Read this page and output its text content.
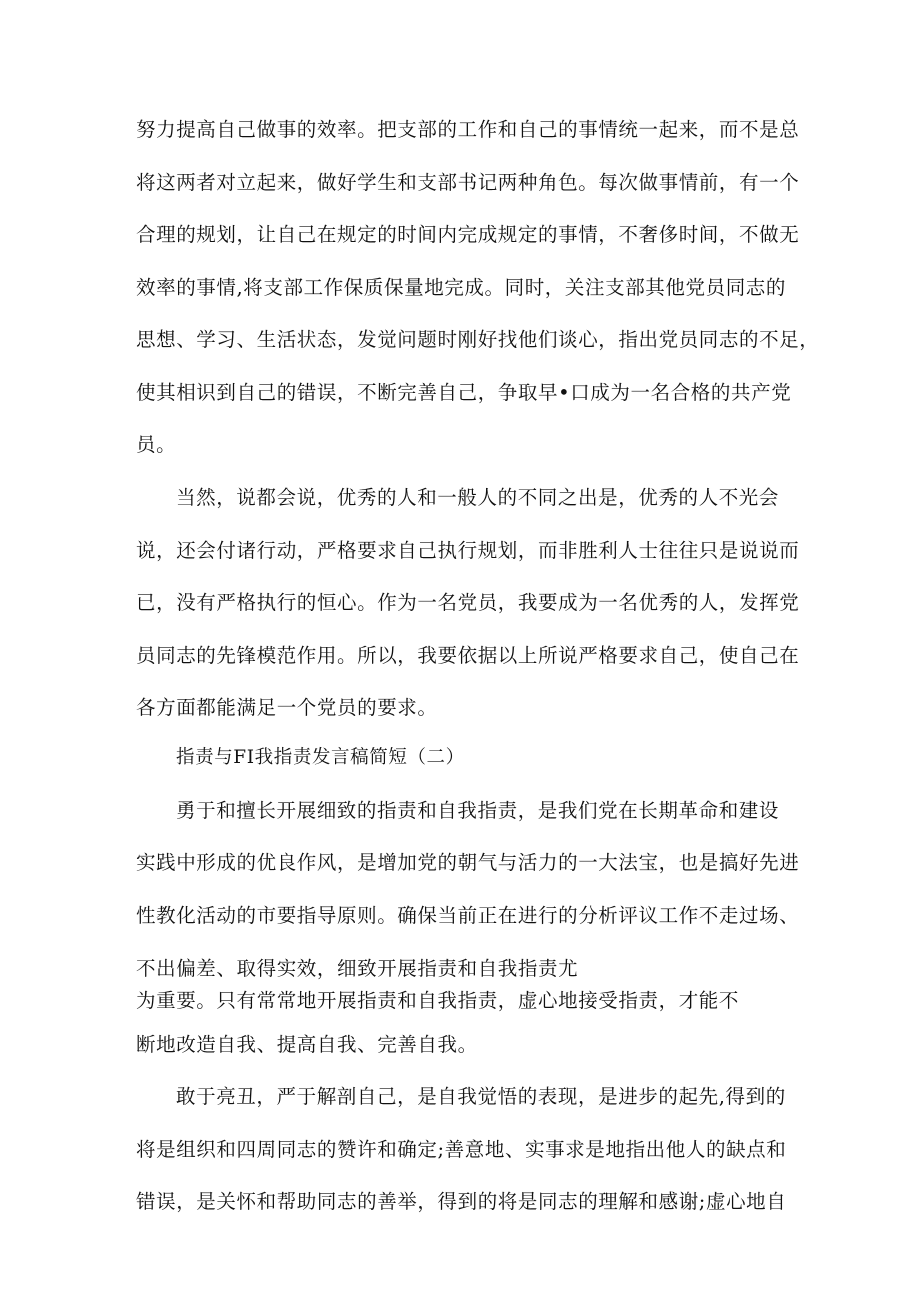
努力提高自己做事的效率。把支部的工作和自己的事情统一起来，而不是总
将这两者对立起来，做好学生和支部书记两种角色。每次做事情前，有一个
合理的规划，让自己在规定的时间内完成规定的事情，不奢侈时间，不做无
效率的事情,将支部工作保质保量地完成。同时，关注支部其他党员同志的
思想、学习、生活状态，发觉问题时刚好找他们谈心，指出党员同志的不足，
使其相识到自己的错误，不断完善自己，争取早•口成为一名合格的共产党
员。
当然，说都会说，优秀的人和一般人的不同之出是，优秀的人不光会
说，还会付诸行动，严格要求自己执行规划，而非胜利人士往往只是说说而
已，没有严格执行的恒心。作为一名党员，我要成为一名优秀的人，发挥党
员同志的先锋模范作用。所以，我要依据以上所说严格要求自己，使自己在
各方面都能满足一个党员的要求。
指责与FI我指责发言稿简短（二）
勇于和擅长开展细致的指责和自我指责，是我们党在长期革命和建设
实践中形成的优良作风，是增加党的朝气与活力的一大法宝，也是搞好先进
性教化活动的市要指导原则。确保当前正在进行的分析评议工作不走过场、
不出偏差、取得实效，细致开展指责和自我指责尤
为重要。只有常常地开展指责和自我指责，虚心地接受指责，才能不
断地改造自我、提高自我、完善自我。
敢于亮丑，严于解剖自己，是自我觉悟的表现，是进步的起先,得到的
将是组织和四周同志的赞许和确定;善意地、实事求是地指出他人的缺点和
错误，是关怀和帮助同志的善举，得到的将是同志的理解和感谢;虚心地自
